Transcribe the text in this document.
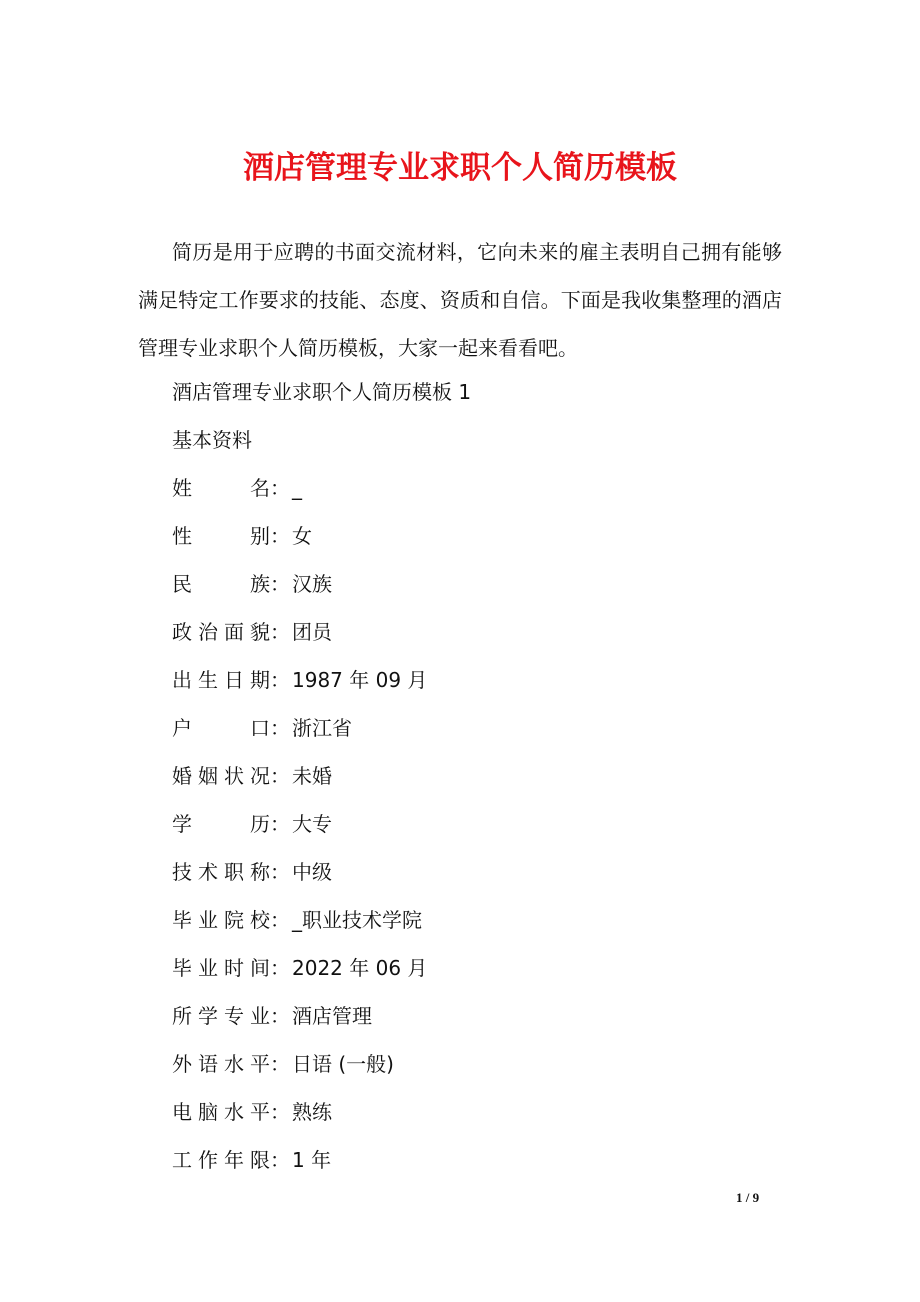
酒店管理专业求职个人简历模板
简历是用于应聘的书面交流材料，它向未来的雇主表明自己拥有能够满足特定工作要求的技能、态度、资质和自信。下面是我收集整理的酒店管理专业求职个人简历模板，大家一起来看看吧。
酒店管理专业求职个人简历模板 1
基本资料
姓名： _
性别： 女
民族： 汉族
政治面貌： 团员
出生日期： 1987 年 09 月
户口： 浙江省
婚姻状况： 未婚
学历： 大专
技术职称： 中级
毕业院校： _职业技术学院
毕业时间： 2022 年 06 月
所学专业： 酒店管理
外语水平： 日语 (一般)
电脑水平： 熟练
工作年限： 1 年
1 / 9
